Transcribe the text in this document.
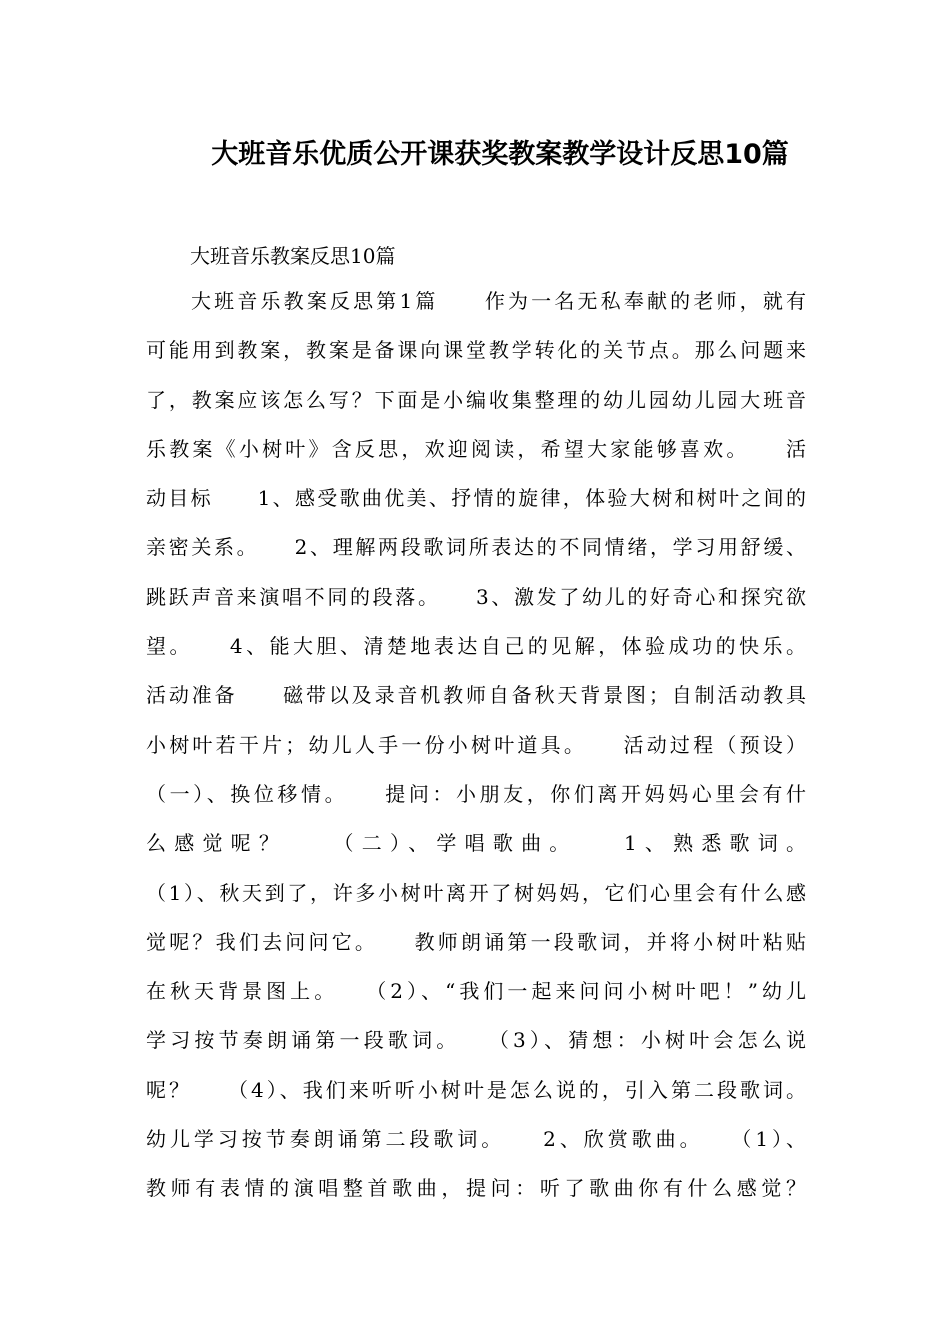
大班音乐优质公开课获奖教案教学设计反思10篇

大班音乐教案反思10篇

大班音乐教案反思第1篇　　作为一名无私奉献的老师，就有
可能用到教案，教案是备课向课堂教学转化的关节点。那么问题来
了，教案应该怎么写？下面是小编收集整理的幼儿园幼儿园大班音
乐教案《小树叶》含反思，欢迎阅读，希望大家能够喜欢。　　活
动目标　　1、感受歌曲优美、抒情的旋律，体验大树和树叶之间的
亲密关系。　　2、理解两段歌词所表达的不同情绪，学习用舒缓、
跳跃声音来演唱不同的段落。　　3、激发了幼儿的好奇心和探究欲
望。　　4、能大胆、清楚地表达自己的见解，体验成功的快乐。
活动准备　　磁带以及录音机教师自备秋天背景图；自制活动教具
小树叶若干片；幼儿人手一份小树叶道具。　　活动过程（预设）
（一）、换位移情。　　提问：小朋友，你们离开妈妈心里会有什
么感觉呢？　　（二）、学唱歌曲。　　1、熟悉歌词。
（1）、秋天到了，许多小树叶离开了树妈妈，它们心里会有什么感
觉呢？我们去问问它。　　教师朗诵第一段歌词，并将小树叶粘贴
在秋天背景图上。　　（2）、“我们一起来问问小树叶吧！”幼儿
学习按节奏朗诵第一段歌词。　　（3）、猜想：小树叶会怎么说
呢？　　（4）、我们来听听小树叶是怎么说的，引入第二段歌词。
幼儿学习按节奏朗诵第二段歌词。　　2、欣赏歌曲。　　（1）、
教师有表情的演唱整首歌曲，提问：听了歌曲你有什么感觉？
